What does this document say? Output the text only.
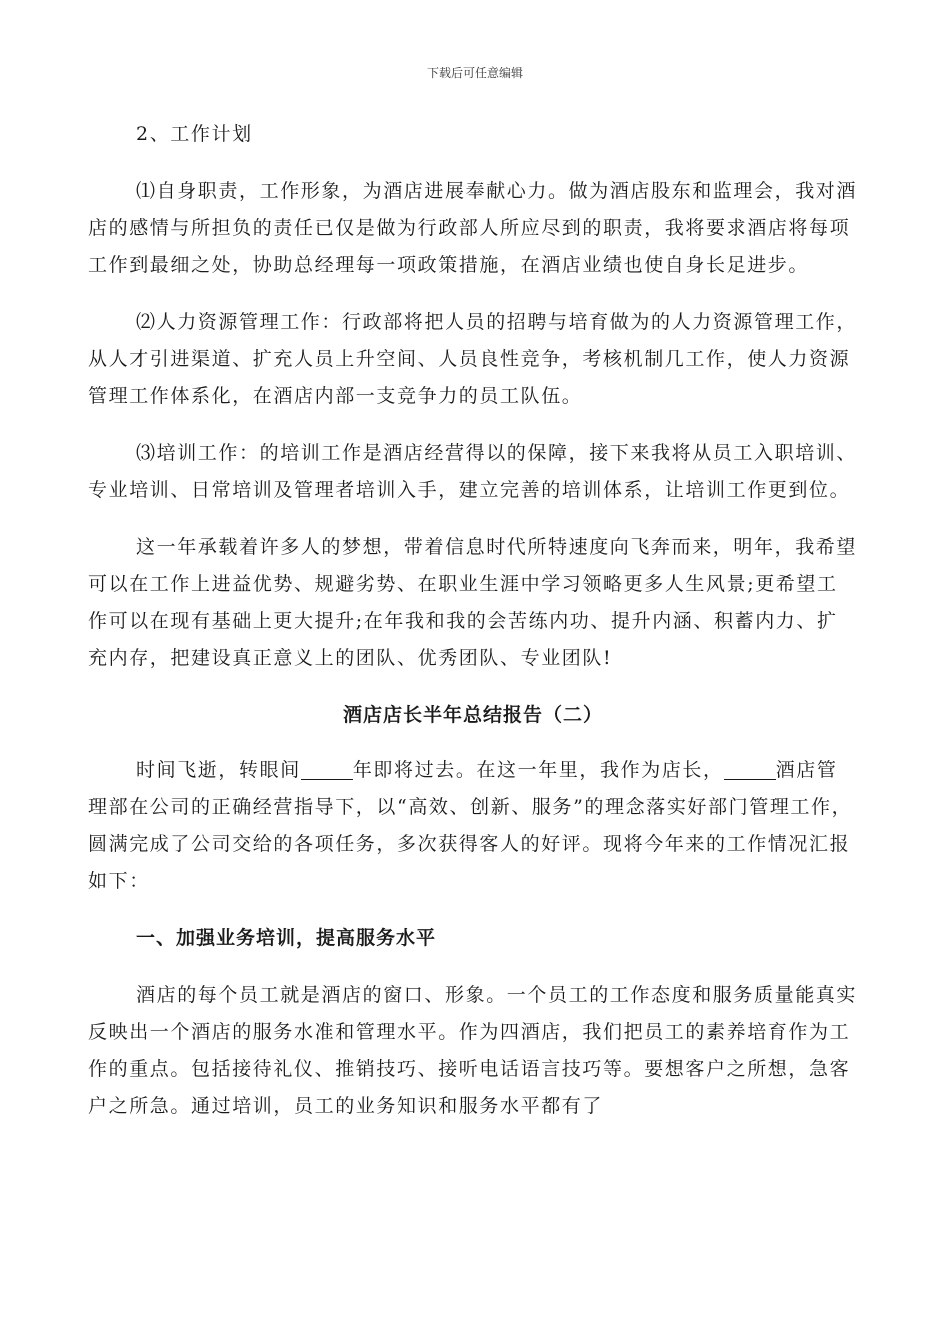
下载后可任意编辑

2、工作计划

⑴自身职责，工作形象，为酒店进展奉献心力。做为酒店股东和监理会，我对酒店的感情与所担负的责任已仅是做为行政部人所应尽到的职责，我将要求酒店将每项工作到最细之处，协助总经理每一项政策措施，在酒店业绩也使自身长足进步。

⑵人力资源管理工作：行政部将把人员的招聘与培育做为的人力资源管理工作，从人才引进渠道、扩充人员上升空间、人员良性竞争，考核机制几工作，使人力资源管理工作体系化，在酒店内部一支竞争力的员工队伍。

⑶培训工作：的培训工作是酒店经营得以的保障，接下来我将从员工入职培训、专业培训、日常培训及管理者培训入手，建立完善的培训体系，让培训工作更到位。

这一年承载着许多人的梦想，带着信息时代所特速度向飞奔而来，明年，我希望可以在工作上进益优势、规避劣势、在职业生涯中学习领略更多人生风景;更希望工作可以在现有基础上更大提升;在年我和我的会苦练内功、提升内涵、积蓄内力、扩充内存，把建设真正意义上的团队、优秀团队、专业团队!

酒店店长半年总结报告（二）

时间飞逝，转眼间	年即将过去。在这一年里，我作为店长，	酒店管理部在公司的正确经营指导下，以“高效、创新、服务”的理念落实好部门管理工作，圆满完成了公司交给的各项任务，多次获得客人的好评。现将今年来的工作情况汇报如下：

一、加强业务培训，提高服务水平

酒店的每个员工就是酒店的窗口、形象。一个员工的工作态度和服务质量能真实反映出一个酒店的服务水准和管理水平。作为四酒店，我们把员工的素养培育作为工作的重点。包括接待礼仪、推销技巧、接听电话语言技巧等。要想客户之所想，急客户之所急。通过培训，员工的业务知识和服务水平都有了
